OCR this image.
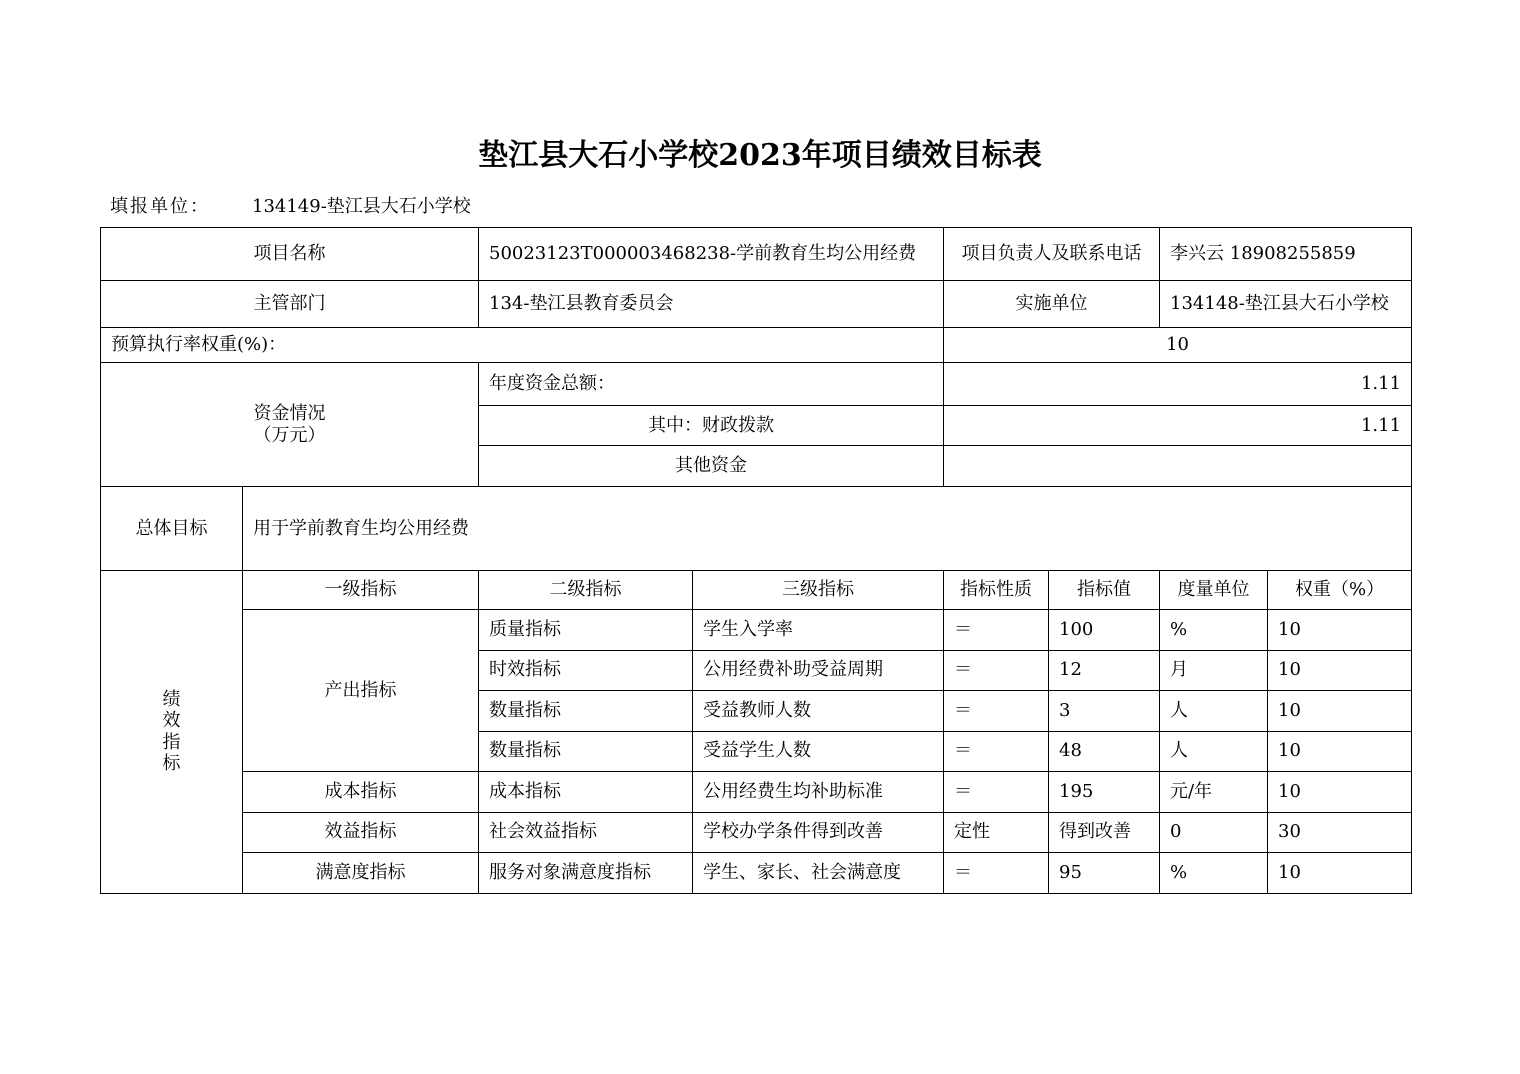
垫江县大石小学校2023年项目绩效目标表
填报单位： 134149-垫江县大石小学校
项目名称		50023123T000003468238-学前教育生均公用经费		项目负责人及联系电话		李兴云 18908255859	
主管部门		134-垫江县教育委员会		实施单位		134148-垫江县大石小学校	
预算执行率权重(%)：				10			

资金情况
（万元）		年度资金总额：		1.11			
		其中：财政拨款		1.11			
		其他资金					
总体目标	用于学前教育生均公用经费						

绩
效
指
标	一级指标	二级指标	三级指标	指标性质	指标值	度量单位	权重（%）
	产出指标	质量指标	学生入学率	＝	100	%	10
		时效指标	公用经费补助受益周期	＝	12	月	10
		数量指标	受益教师人数	＝	3	人	10
		数量指标	受益学生人数	＝	48	人	10
	成本指标	成本指标	公用经费生均补助标准	＝	195	元/年	10
	效益指标	社会效益指标	学校办学条件得到改善	定性	得到改善	0	30
	满意度指标	服务对象满意度指标	学生、家长、社会满意度	＝	95	%	10
